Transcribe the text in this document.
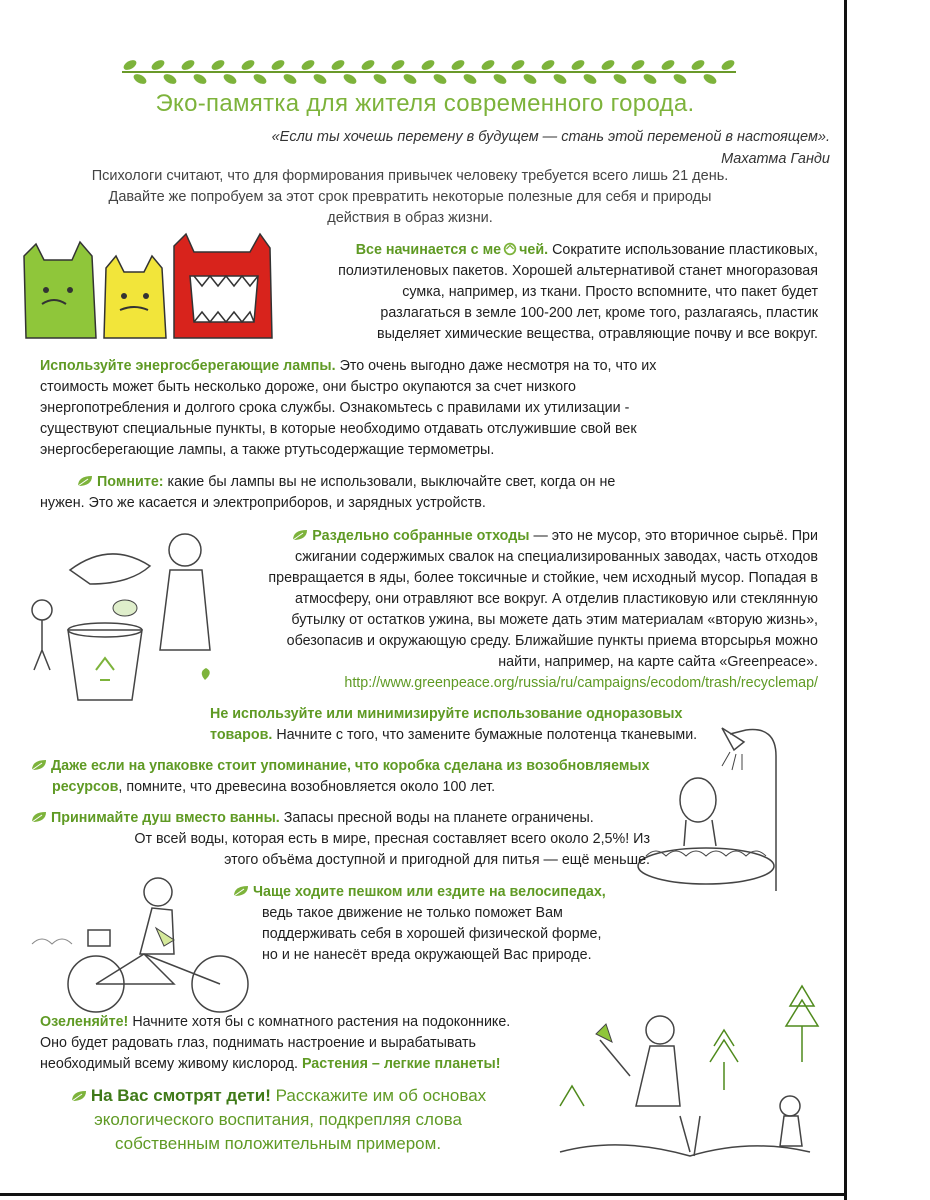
Эко-памятка для жителя современного города.
«Если ты хочешь перемену в будущем — стань этой переменой в настоящем».
Махатма Ганди
Психологи считают, что для формирования привычек человеку требуется всего лишь 21 день.
Давайте же попробуем за этот срок превратить некоторые полезные для себя и природы
действия в образ жизни.
Все начинается с ме чей. Сократите использование пластиковых,
полиэтиленовых пакетов. Хорошей альтернативой станет многоразовая
сумка, например, из ткани. Просто вспомните, что пакет будет
разлагаться в земле 100-200 лет, кроме того, разлагаясь, пластик
выделяет химические вещества, отравляющие почву и все вокруг.
Используйте энергосберегающие лампы. Это очень выгодно даже несмотря на то, что их
стоимость может быть несколько дороже, они быстро окупаются за счет низкого
энергопотребления и долгого срока службы. Ознакомьтесь с правилами их утилизации -
существуют специальные пункты, в которые необходимо отдавать отслужившие свой век
энергосберегающие лампы, а также ртутьсодержащие термометры.
Помните: какие бы лампы вы не использовали, выключайте свет, когда он не
нужен. Это же касается и электроприборов, и зарядных устройств.
Раздельно собранные отходы — это не мусор, это вторичное сырьё. При
сжигании содержимых свалок на специализированных заводах, часть отходов
превращается в яды, более токсичные и стойкие, чем исходный мусор. Попадая в
атмосферу, они отравляют все вокруг. А отделив пластиковую или стеклянную
бутылку от остатков ужина, вы можете дать этим материалам «вторую жизнь»,
обезопасив и окружающую среду. Ближайшие пункты приема вторсырья можно
найти, например, на карте сайта «Greenpeace».
http://www.greenpeace.org/russia/ru/campaigns/ecodom/trash/recyclemap/
Не используйте или минимизируйте использование одноразовых
товаров. Начните с того, что замените бумажные полотенца тканевыми.
Даже если на упаковке стоит упоминание, что коробка сделана из возобновляемых
ресурсов, помните, что древесина возобновляется около 100 лет.
Принимайте душ вместо ванны. Запасы пресной воды на планете ограничены.
От всей воды, которая есть в мире, пресная составляет всего около 2,5%! Из
этого объёма доступной и пригодной для питья — ещё меньше.
Чаще ходите пешком или ездите на велосипедах,
ведь такое движение не только поможет Вам
поддерживать себя в хорошей физической форме,
но и не нанесёт вреда окружающей Вас природе.
Озеленяйте! Начните хотя бы с комнатного растения на подоконнике.
Оно будет радовать глаз, поднимать настроение и вырабатывать
необходимый всему живому кислород. Растения – легкие планеты!
На Вас смотрят дети! Расскажите им об основах
экологического воспитания, подкрепляя слова
собственным положительным примером.
